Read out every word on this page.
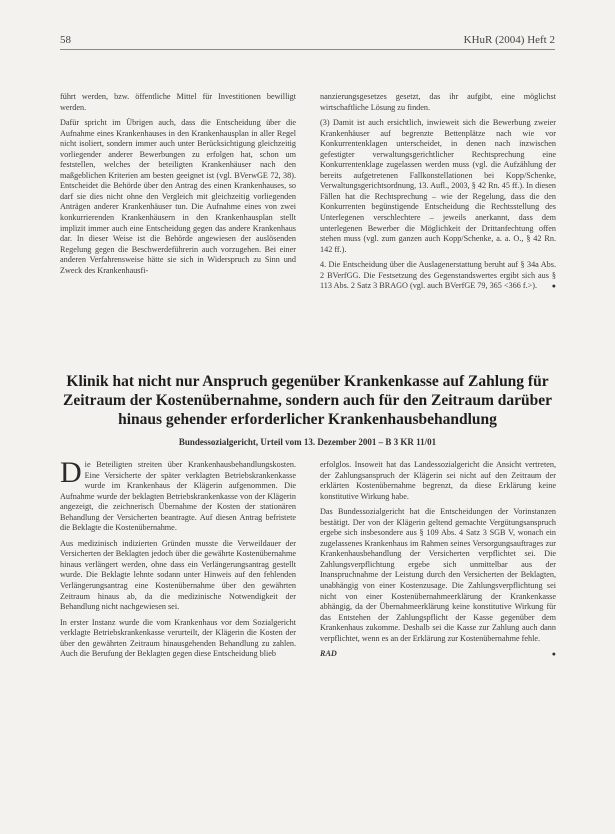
58	KHuR (2004) Heft 2

führt werden, bzw. öffentliche Mittel für Investitionen bewilligt werden.

Dafür spricht im Übrigen auch, dass die Entscheidung über die Aufnahme eines Krankenhauses in den Krankenhausplan in aller Regel nicht isoliert, sondern immer auch unter Berücksichtigung gleichzeitig vorliegender anderer Bewerbungen zu erfolgen hat, schon um feststellen, welches der beteiligten Krankenhäuser nach den maßgeblichen Kriterien am besten geeignet ist (vgl. BVerwGE 72, 38). Entscheidet die Behörde über den Antrag des einen Krankenhauses, so darf sie dies nicht ohne den Vergleich mit gleichzeitig vorliegenden Anträgen anderer Krankenhäuser tun. Die Aufnahme eines von zwei konkurrierenden Krankenhäusern in den Krankenhausplan stellt implizit immer auch eine Entscheidung gegen das andere Krankenhaus dar. In dieser Weise ist die Behörde angewiesen der auslösenden Regelung gegen die Beschwerdeführerin auch vorzugehen. Bei einer anderen Verfahrensweise hätte sie sich in Widerspruch zu Sinn und Zweck des Krankenhausfi-

nanzierungsgesetzes gesetzt, das ihr aufgibt, eine möglichst wirtschaftliche Lösung zu finden.

(3) Damit ist auch ersichtlich, inwieweit sich die Bewerbung zweier Krankenhäuser auf begrenzte Bettenplätze nach wie vor Konkurrentenklagen unterscheidet, in denen nach inzwischen gefestigter verwaltungsgerichtlicher Rechtsprechung eine Konkurrentenklage zugelassen werden muss (vgl. die Aufzählung der bereits aufgetretenen Fallkonstellationen bei Kopp/Schenke, Verwaltungsgerichtsordnung, 13. Aufl., 2003, § 42 Rn. 45 ff.). In diesen Fällen hat die Rechtsprechung – wie der Regelung, dass die den Konkurrenten begünstigende Entscheidung die Rechtsstellung des Unterlegenen verschlechtere – jeweils anerkannt, dass dem unterlegenen Bewerber die Möglichkeit der Drittanfechtung offen stehen muss (vgl. zum ganzen auch Kopp/Schenke, a. a. O., § 42 Rn. 142 ff.).

4. Die Entscheidung über die Auslagenerstattung beruht auf § 34a Abs. 2 BVerfGG. Die Festsetzung des Gegenstandswertes ergibt sich aus § 113 Abs. 2 Satz 3 BRAGO (vgl. auch BVerfGE 79, 365 <366 f.>). ●

Klinik hat nicht nur Anspruch gegenüber Krankenkasse auf Zahlung für Zeitraum der Kostenübernahme, sondern auch für den Zeitraum darüber hinaus gehender erforderlicher Krankenhausbehandlung
Bundessozialgericht, Urteil vom 13. Dezember 2001 – B 3 KR 11/01

Die Beteiligten streiten über Krankenhausbehandlungskosten. Eine Versicherte der später verklagten Betriebskrankenkasse wurde im Krankenhaus der Klägerin aufgenommen. Die Aufnahme wurde der beklagten Betriebskrankenkasse von der Klägerin angezeigt, die zeichnerisch Übernahme der Kosten der stationären Behandlung der Versicherten beantragte. Auf diesen Antrag befristete die Beklagte die Kostenübernahme.

Aus medizinisch indizierten Gründen musste die Verweildauer der Versicherten der Beklagten jedoch über die gewährte Kostenübernahme hinaus verlängert werden, ohne dass ein Verlängerungsantrag gestellt wurde. Die Beklagte lehnte sodann unter Hinweis auf den fehlenden Verlängerungsantrag eine Kostenübernahme über den gewährten Zeitraum hinaus ab, da die medizinische Notwendigkeit der Behandlung nicht nachgewiesen sei.

In erster Instanz wurde die vom Krankenhaus vor dem Sozialgericht verklagte Betriebskrankenkasse verurteilt, der Klägerin die Kosten der über den gewährten Zeitraum hinausgehenden Behandlung zu zahlen. Auch die Berufung der Beklagten gegen diese Entscheidung blieb

erfolglos. Insoweit hat das Landessozialgericht die Ansicht vertreten, der Zahlungsanspruch der Klägerin sei nicht auf den Zeitraum der erklärten Kostenübernahme begrenzt, da diese Erklärung keine konstitutive Wirkung habe.

Das Bundessozialgericht hat die Entscheidungen der Vorinstanzen bestätigt. Der von der Klägerin geltend gemachte Vergütungsanspruch ergebe sich insbesondere aus § 109 Abs. 4 Satz 3 SGB V, wonach ein zugelassenes Krankenhaus im Rahmen seines Versorgungsauftrages zur Krankenhausbehandlung der Versicherten verpflichtet sei. Die Zahlungsverpflichtung ergebe sich unmittelbar aus der Inanspruchnahme der Leistung durch den Versicherten der Beklagten, unabhängig von einer Kostenzusage. Die Zahlungsverpflichtung sei nicht von einer Kostenübernahmeerklärung der Krankenkasse abhängig, da der Übernahmeerklärung keine konstitutive Wirkung für das Entstehen der Zahlungspflicht der Kasse gegenüber dem Krankenhaus zukomme. Deshalb sei die Kasse zur Zahlung auch dann verpflichtet, wenn es an der Erklärung zur Kostenübernahme fehle.

RAD	●
